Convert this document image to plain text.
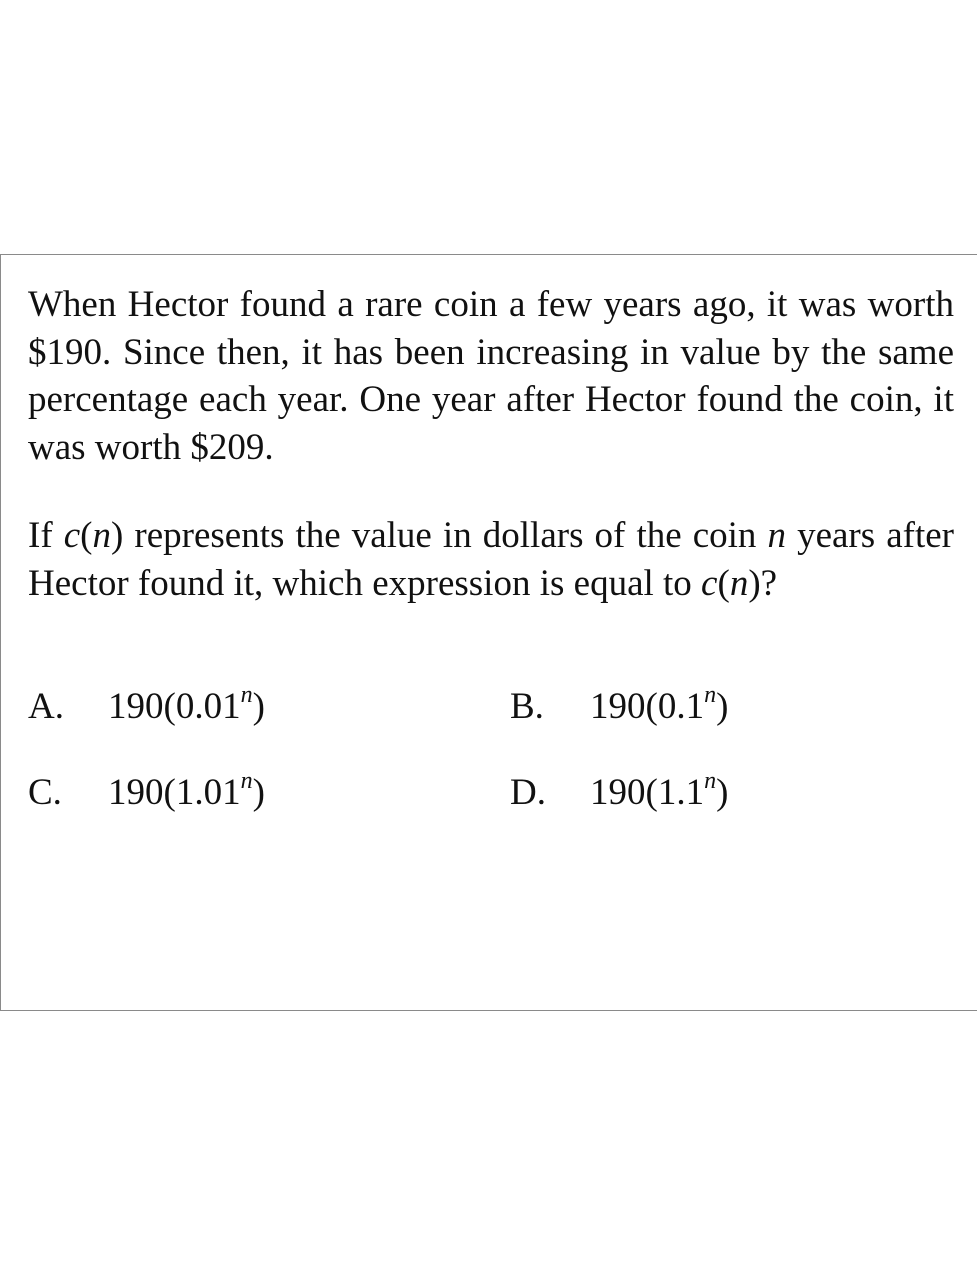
When Hector found a rare coin a few years ago, it was worth $190. Since then, it has been increasing in value by the same percentage each year. One year after Hector found the coin, it was worth $209.

If c(n) represents the value in dollars of the coin n years after Hector found it, which expression is equal to c(n)?

A. 190(0.01$^n$)	B. 190(0.1$^n$)
C. 190(1.01$^n$)	D. 190(1.1$^n$)
